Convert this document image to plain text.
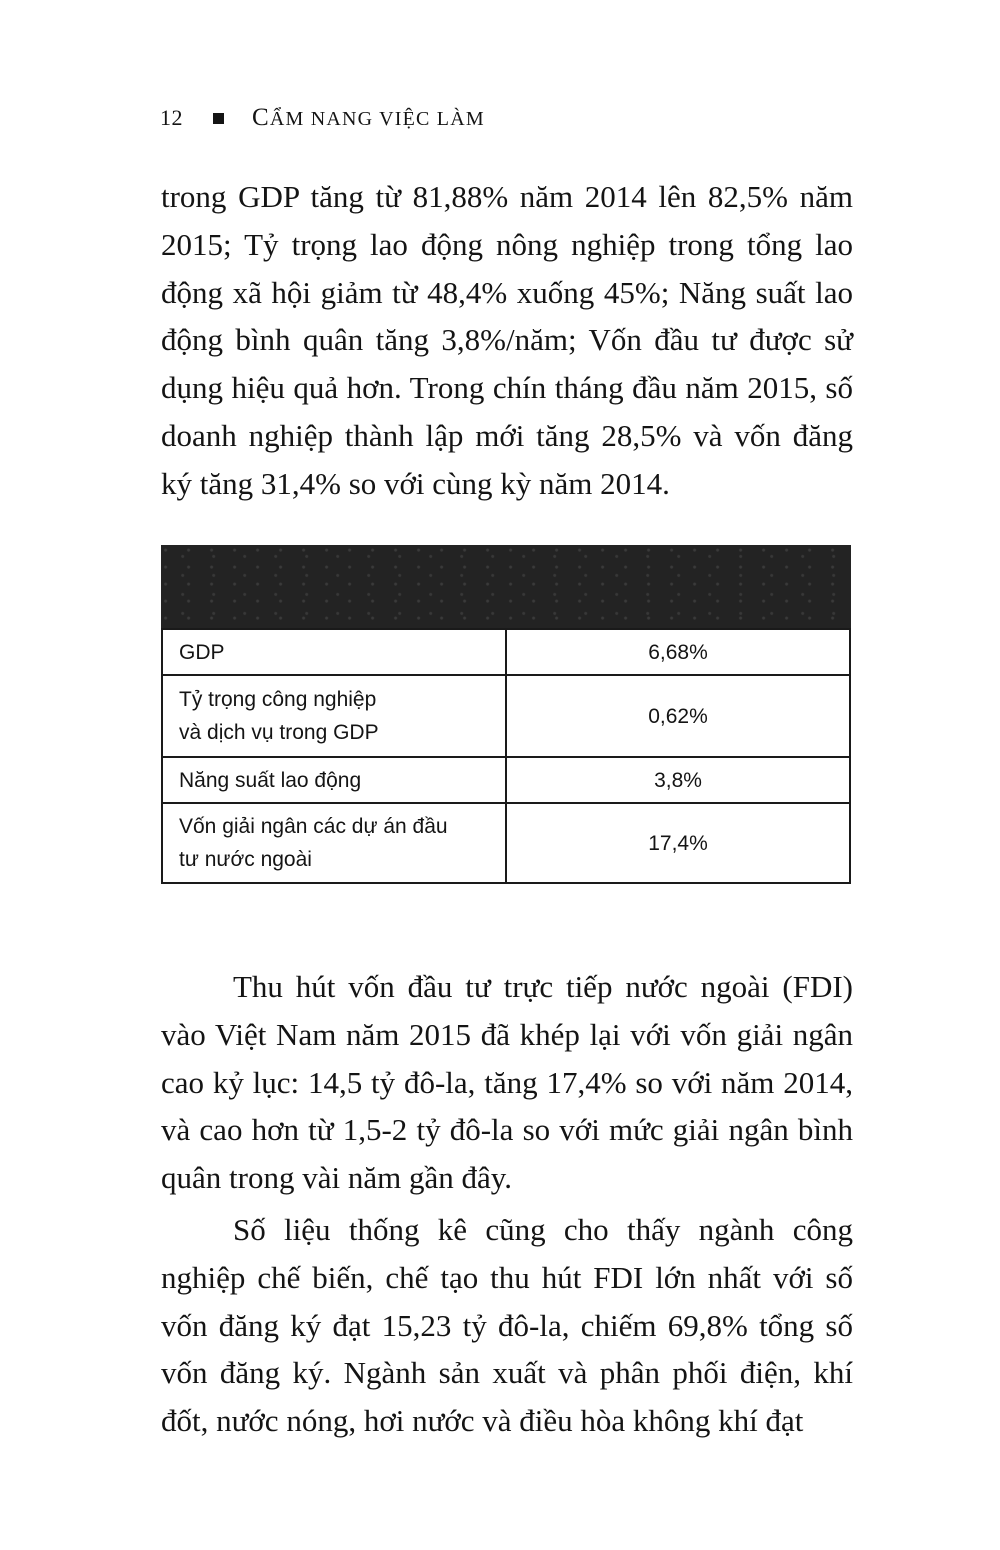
12	CẨM NANG VIỆC LÀM

trong GDP tăng từ 81,88% năm 2014 lên 82,5% năm 2015; Tỷ trọng lao động nông nghiệp trong tổng lao động xã hội giảm từ 48,4% xuống 45%; Năng suất lao động bình quân tăng 3,8%/năm; Vốn đầu tư được sử dụng hiệu quả hơn. Trong chín tháng đầu năm 2015, số doanh nghiệp thành lập mới tăng 28,5% và vốn đăng ký tăng 31,4% so với cùng kỳ năm 2014.

GDP	6,68%
Tỷ trọng công nghiệp
và dịch vụ trong GDP	0,62%
Năng suất lao động	3,8%
Vốn giải ngân các dự án đầu
tư nước ngoài	17,4%

Thu hút vốn đầu tư trực tiếp nước ngoài (FDI) vào Việt Nam năm 2015 đã khép lại với vốn giải ngân cao kỷ lục: 14,5 tỷ đô-la, tăng 17,4% so với năm 2014, và cao hơn từ 1,5-2 tỷ đô-la so với mức giải ngân bình quân trong vài năm gần đây.

Số liệu thống kê cũng cho thấy ngành công nghiệp chế biến, chế tạo thu hút FDI lớn nhất với số vốn đăng ký đạt 15,23 tỷ đô-la, chiếm 69,8% tổng số vốn đăng ký. Ngành sản xuất và phân phối điện, khí đốt, nước nóng, hơi nước và điều hòa không khí đạt
